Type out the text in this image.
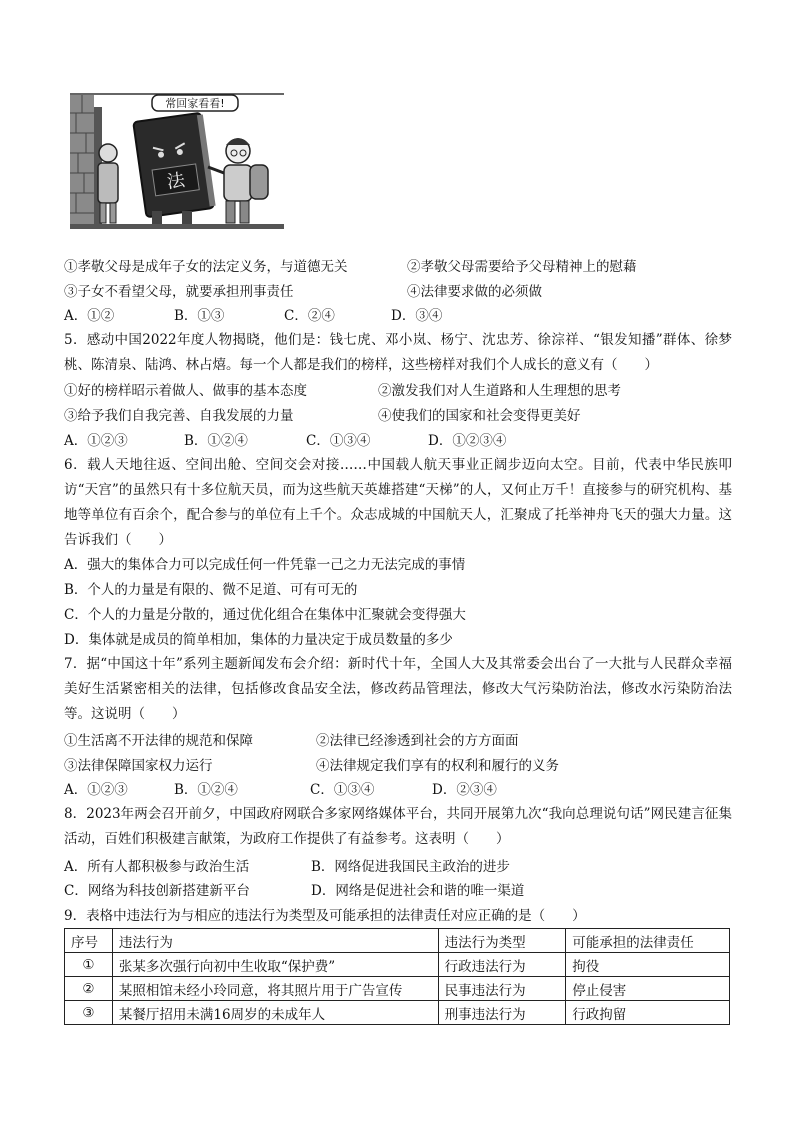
常回家看看!
法
①孝敬父母是成年子女的法定义务，与道德无关	②孝敬父母需要给予父母精神上的慰藉
③子女不看望父母，就要承担刑事责任	④法律要求做的必须做
A．①②	B．①③	C．②④	D．③④
5．感动中国2022年度人物揭晓，他们是：钱七虎、邓小岚、杨宁、沈忠芳、徐淙祥、“银发知播”群体、徐梦桃、陈清泉、陆鸿、林占熺。每一个人都是我们的榜样，这些榜样对我们个人成长的意义有（　　）
①好的榜样昭示着做人、做事的基本态度	②激发我们对人生道路和人生理想的思考
③给予我们自我完善、自我发展的力量	④使我们的国家和社会变得更美好
A．①②③	B．①②④	C．①③④	D．①②③④
6．载人天地往返、空间出舱、空间交会对接……中国载人航天事业正阔步迈向太空。目前，代表中华民族叩访“天宫”的虽然只有十多位航天员，而为这些航天英雄搭建“天梯”的人，又何止万千！直接参与的研究机构、基地等单位有百余个，配合参与的单位有上千个。众志成城的中国航天人，汇聚成了托举神舟飞天的强大力量。这告诉我们（　　）
A．强大的集体合力可以完成任何一件凭靠一己之力无法完成的事情
B．个人的力量是有限的、微不足道、可有可无的
C．个人的力量是分散的，通过优化组合在集体中汇聚就会变得强大
D．集体就是成员的简单相加，集体的力量决定于成员数量的多少
7．据“中国这十年”系列主题新闻发布会介绍：新时代十年，全国人大及其常委会出台了一大批与人民群众幸福美好生活紧密相关的法律，包括修改食品安全法，修改药品管理法，修改大气污染防治法，修改水污染防治法等。这说明（　　）
①生活离不开法律的规范和保障	②法律已经渗透到社会的方方面面
③法律保障国家权力运行	④法律规定我们享有的权利和履行的义务
A．①②③	B．①②④	C．①③④	D．②③④
8．2023年两会召开前夕，中国政府网联合多家网络媒体平台，共同开展第九次“我向总理说句话”网民建言征集活动，百姓们积极建言献策，为政府工作提供了有益参考。这表明（　　）
A．所有人都积极参与政治生活	B．网络促进我国民主政治的进步
C．网络为科技创新搭建新平台	D．网络是促进社会和谐的唯一渠道
9．表格中违法行为与相应的违法行为类型及可能承担的法律责任对应正确的是（　　）
序号	违法行为	违法行为类型	可能承担的法律责任
①	张某多次强行向初中生收取“保护费”	行政违法行为	拘役
②	某照相馆未经小玲同意，将其照片用于广告宣传	民事违法行为	停止侵害
③	某餐厅招用未满16周岁的未成年人	刑事违法行为	行政拘留
